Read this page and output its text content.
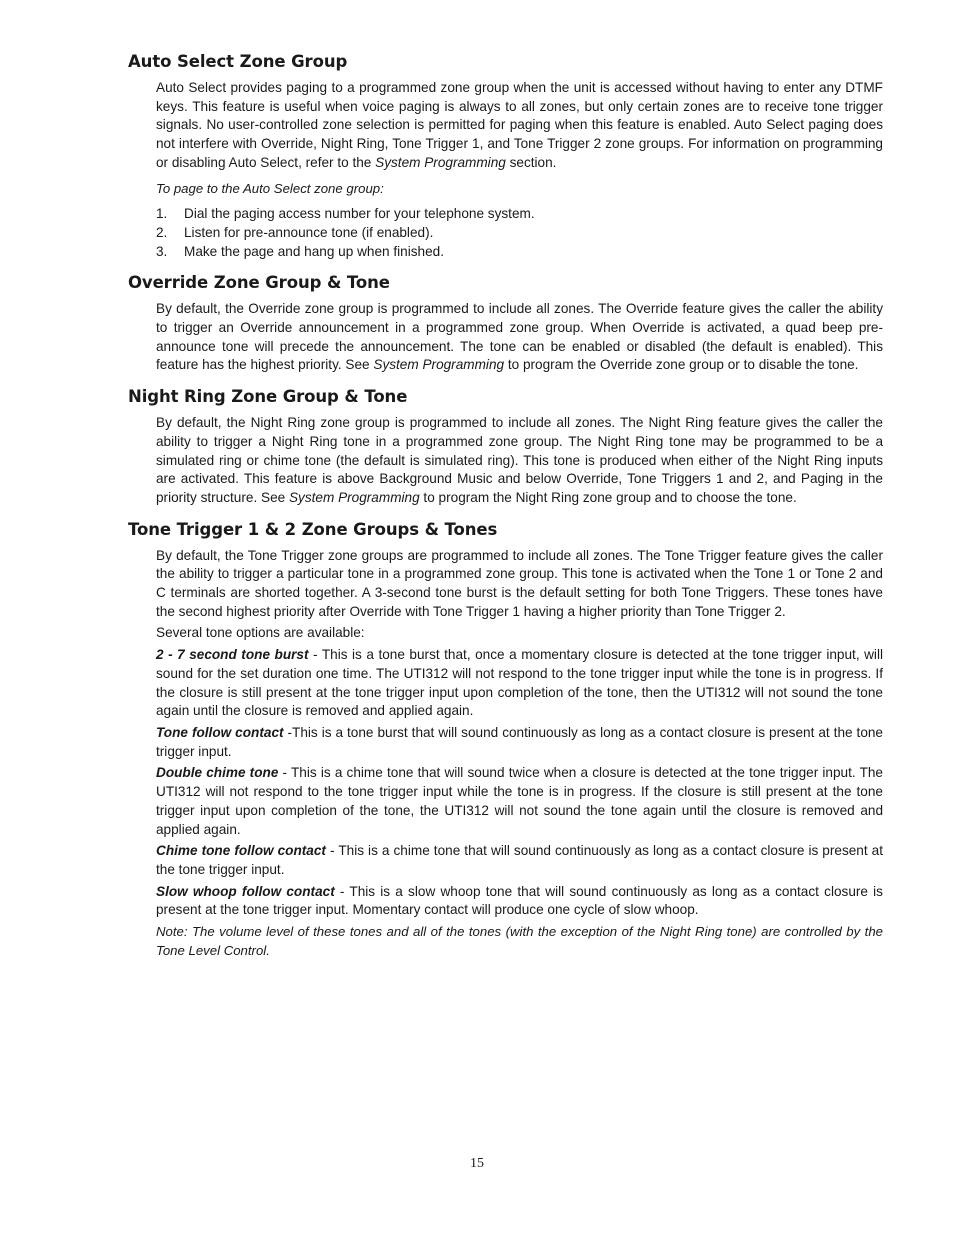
Auto Select Zone Group

Auto Select provides paging to a programmed zone group when the unit is accessed without having to enter any DTMF keys. This feature is useful when voice paging is always to all zones, but only certain zones are to receive tone trigger signals. No user-controlled zone selection is permitted for paging when this feature is enabled. Auto Select paging does not interfere with Override, Night Ring, Tone Trigger 1, and Tone Trigger 2 zone groups. For information on programming or disabling Auto Select, refer to the System Programming section.

To page to the Auto Select zone group:

1.	Dial the paging access number for your telephone system.
2.	Listen for pre-announce tone (if enabled).
3.	Make the page and hang up when finished.
Override Zone Group & Tone

By default, the Override zone group is programmed to include all zones. The Override feature gives the caller the ability to trigger an Override announcement in a programmed zone group. When Override is activated, a quad beep pre-announce tone will precede the announcement. The tone can be enabled or disabled (the default is enabled). This feature has the highest priority. See System Programming to program the Override zone group or to disable the tone.

Night Ring Zone Group & Tone

By default, the Night Ring zone group is programmed to include all zones. The Night Ring feature gives the caller the ability to trigger a Night Ring tone in a programmed zone group. The Night Ring tone may be programmed to be a simulated ring or chime tone (the default is simulated ring). This tone is produced when either of the Night Ring inputs are activated. This feature is above Background Music and below Override, Tone Triggers 1 and 2, and Paging in the priority structure. See System Programming to program the Night Ring zone group and to choose the tone.

Tone Trigger 1 & 2 Zone Groups & Tones

By default, the Tone Trigger zone groups are programmed to include all zones. The Tone Trigger feature gives the caller the ability to trigger a particular tone in a programmed zone group. This tone is activated when the Tone 1 or Tone 2 and C terminals are shorted together. A 3-second tone burst is the default setting for both Tone Triggers. These tones have the second highest priority after Override with Tone Trigger 1 having a higher priority than Tone Trigger 2.

Several tone options are available:

2 - 7 second tone burst - This is a tone burst that, once a momentary closure is detected at the tone trigger input, will sound for the set duration one time. The UTI312 will not respond to the tone trigger input while the tone is in progress. If the closure is still present at the tone trigger input upon completion of the tone, then the UTI312 will not sound the tone again until the closure is removed and applied again.

Tone follow contact -This is a tone burst that will sound continuously as long as a contact closure is present at the tone trigger input.

Double chime tone - This is a chime tone that will sound twice when a closure is detected at the tone trigger input. The UTI312 will not respond to the tone trigger input while the tone is in progress. If the closure is still present at the tone trigger input upon completion of the tone, the UTI312 will not sound the tone again until the closure is removed and applied again.

Chime tone follow contact - This is a chime tone that will sound continuously as long as a contact closure is present at the tone trigger input.

Slow whoop follow contact - This is a slow whoop tone that will sound continuously as long as a contact closure is present at the tone trigger input. Momentary contact will produce one cycle of slow whoop.

Note: The volume level of these tones and all of the tones (with the exception of the Night Ring tone) are controlled by the Tone Level Control.

15
